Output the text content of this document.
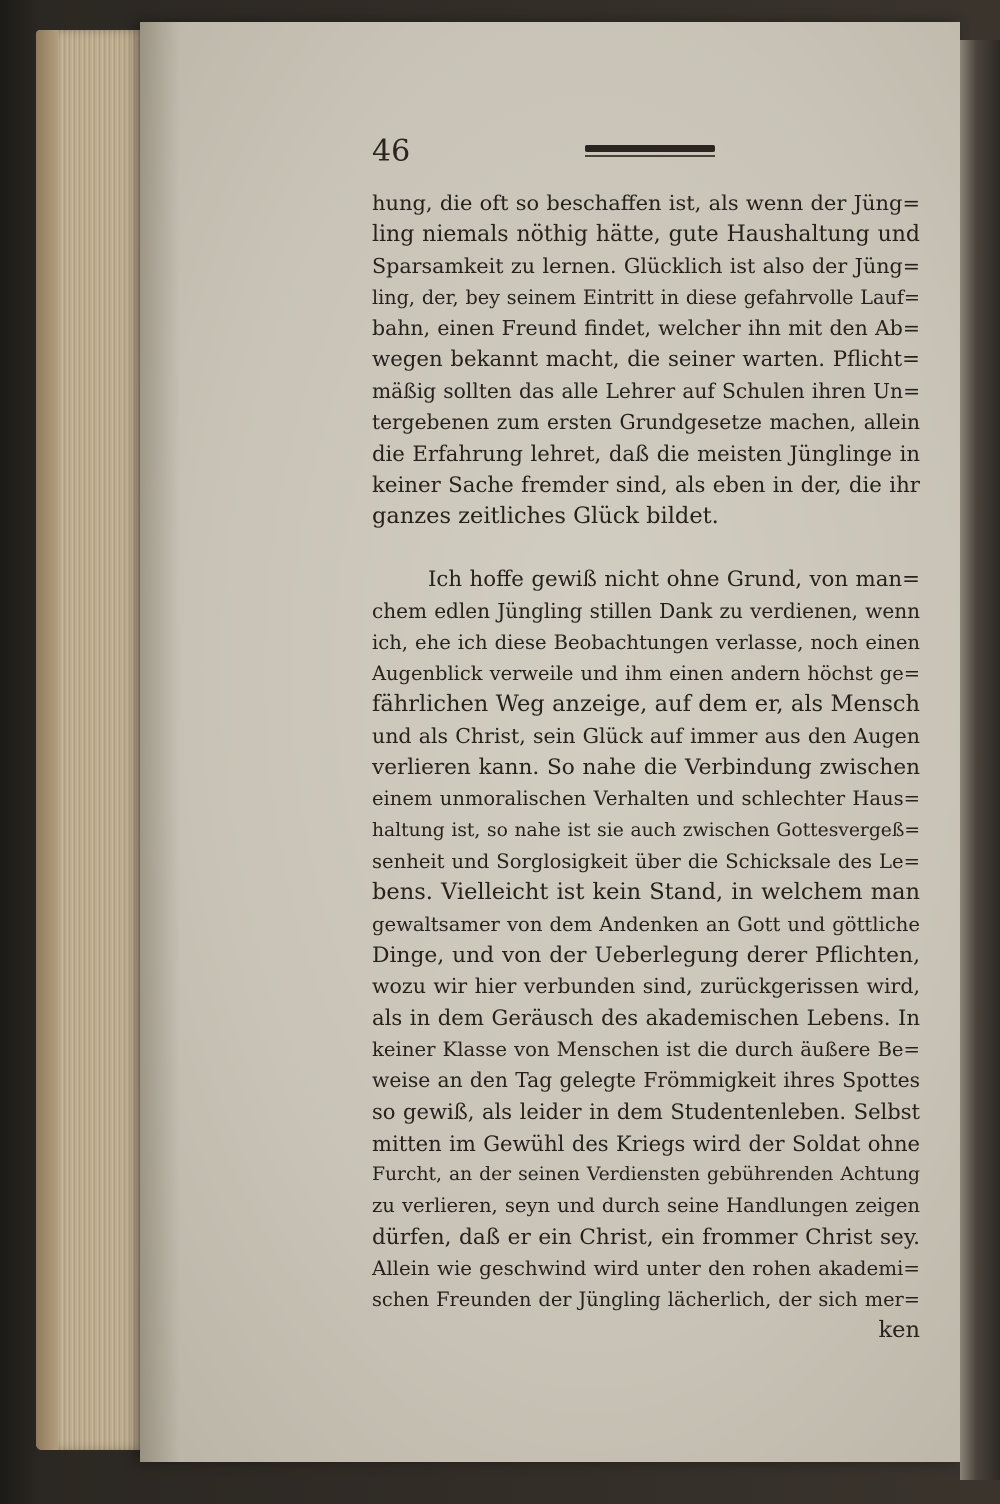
46
hung, die oft so beschaffen ist, als wenn der Jüng=
ling niemals nöthig hätte, gute Haushaltung und
Sparsamkeit zu lernen. Glücklich ist also der Jüng=
ling, der, bey seinem Eintritt in diese gefahrvolle Lauf=
bahn, einen Freund findet, welcher ihn mit den Ab=
wegen bekannt macht, die seiner warten. Pflicht=
mäßig sollten das alle Lehrer auf Schulen ihren Un=
tergebenen zum ersten Grundgesetze machen, allein
die Erfahrung lehret, daß die meisten Jünglinge in
keiner Sache fremder sind, als eben in der, die ihr
ganzes zeitliches Glück bildet.
Ich hoffe gewiß nicht ohne Grund, von man=
chem edlen Jüngling stillen Dank zu verdienen, wenn
ich, ehe ich diese Beobachtungen verlasse, noch einen
Augenblick verweile und ihm einen andern höchst ge=
fährlichen Weg anzeige, auf dem er, als Mensch
und als Christ, sein Glück auf immer aus den Augen
verlieren kann. So nahe die Verbindung zwischen
einem unmoralischen Verhalten und schlechter Haus=
haltung ist, so nahe ist sie auch zwischen Gottesvergeß=
senheit und Sorglosigkeit über die Schicksale des Le=
bens. Vielleicht ist kein Stand, in welchem man
gewaltsamer von dem Andenken an Gott und göttliche
Dinge, und von der Ueberlegung derer Pflichten,
wozu wir hier verbunden sind, zurückgerissen wird,
als in dem Geräusch des akademischen Lebens. In
keiner Klasse von Menschen ist die durch äußere Be=
weise an den Tag gelegte Frömmigkeit ihres Spottes
so gewiß, als leider in dem Studentenleben. Selbst
mitten im Gewühl des Kriegs wird der Soldat ohne
Furcht, an der seinen Verdiensten gebührenden Achtung
zu verlieren, seyn und durch seine Handlungen zeigen
dürfen, daß er ein Christ, ein frommer Christ sey.
Allein wie geschwind wird unter den rohen akademi=
schen Freunden der Jüngling lächerlich, der sich mer=
ken
